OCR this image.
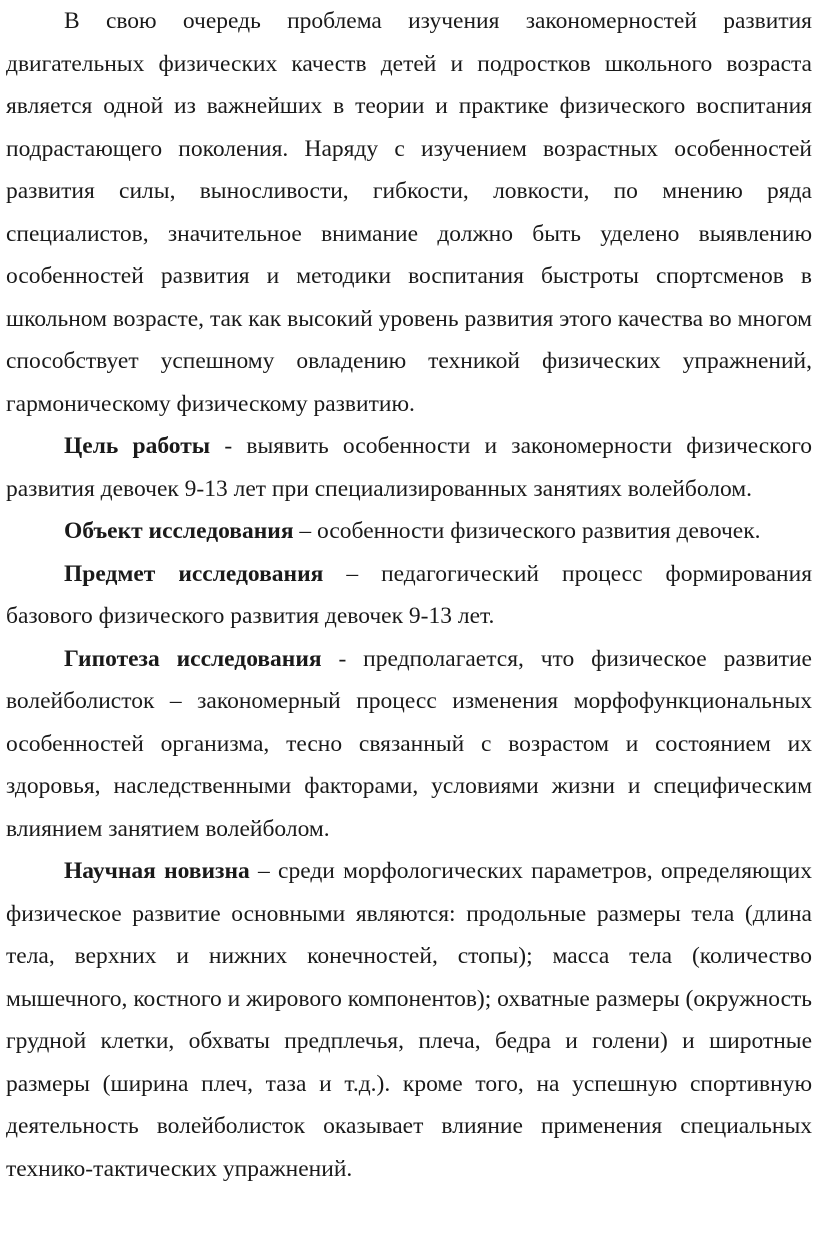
В свою очередь проблема изучения закономерностей развития двигательных физических качеств детей и подростков школьного возраста является одной из важнейших в теории и практике физического воспитания подрастающего поколения. Наряду с изучением возрастных особенностей развития силы, выносливости, гибкости, ловкости, по мнению ряда специалистов, значительное внимание должно быть уделено выявлению особенностей развития и методики воспитания быстроты спортсменов в школьном возрасте, так как высокий уровень развития этого качества во многом способствует успешному овладению техникой физических упражнений, гармоническому физическому развитию.

Цель работы - выявить особенности и закономерности физического развития девочек 9-13 лет при специализированных занятиях волейболом.

Объект исследования – особенности физического развития девочек.

Предмет исследования – педагогический процесс формирования базового физического развития девочек 9-13 лет.

Гипотеза исследования - предполагается, что физическое развитие волейболисток – закономерный процесс изменения морфофункциональных особенностей организма, тесно связанный с возрастом и состоянием их здоровья, наследственными факторами, условиями жизни и специфическим влиянием занятием волейболом.

Научная новизна – среди морфологических параметров, определяющих физическое развитие основными являются: продольные размеры тела (длина тела, верхних и нижних конечностей, стопы); масса тела (количество мышечного, костного и жирового компонентов); охватные размеры (окружность грудной клетки, обхваты предплечья, плеча, бедра и голени) и широтные размеры (ширина плеч, таза и т.д.). кроме того, на успешную спортивную деятельность волейболисток оказывает влияние применения специальных технико-тактических упражнений.
